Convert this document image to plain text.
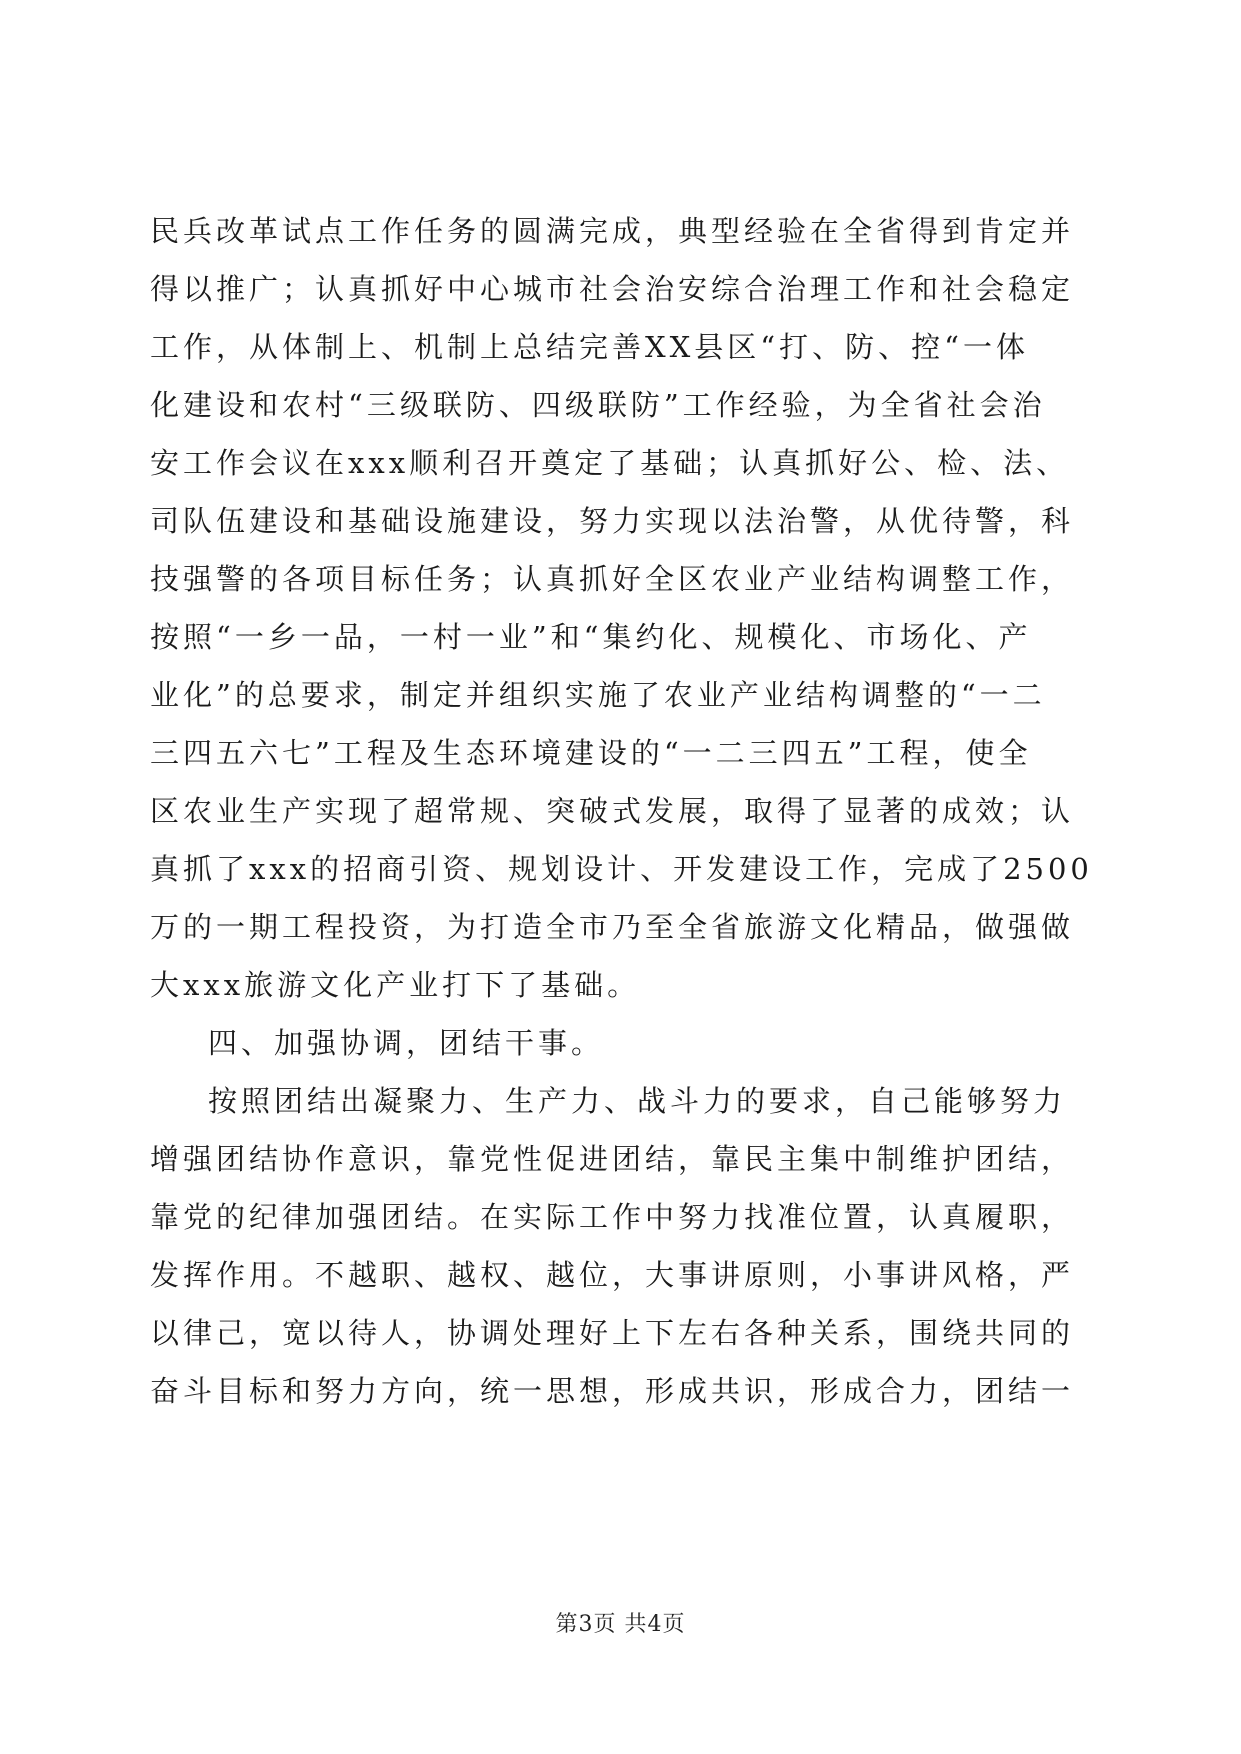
民兵改革试点工作任务的圆满完成，典型经验在全省得到肯定并
得以推广；认真抓好中心城市社会治安综合治理工作和社会稳定
工作，从体制上、机制上总结完善XX县区“打、防、控“一体
化建设和农村“三级联防、四级联防”工作经验，为全省社会治
安工作会议在xxx顺利召开奠定了基础；认真抓好公、检、法、
司队伍建设和基础设施建设，努力实现以法治警，从优待警，科
技强警的各项目标任务；认真抓好全区农业产业结构调整工作，
按照“一乡一品，一村一业”和“集约化、规模化、市场化、产
业化”的总要求，制定并组织实施了农业产业结构调整的“一二
三四五六七”工程及生态环境建设的“一二三四五”工程，使全
区农业生产实现了超常规、突破式发展，取得了显著的成效；认
真抓了xxx的招商引资、规划设计、开发建设工作，完成了2500
万的一期工程投资，为打造全市乃至全省旅游文化精品，做强做
大xxx旅游文化产业打下了基础。
四、加强协调，团结干事。
按照团结出凝聚力、生产力、战斗力的要求，自己能够努力
增强团结协作意识，靠党性促进团结，靠民主集中制维护团结，
靠党的纪律加强团结。在实际工作中努力找准位置，认真履职，
发挥作用。不越职、越权、越位，大事讲原则，小事讲风格，严
以律己，宽以待人，协调处理好上下左右各种关系，围绕共同的
奋斗目标和努力方向，统一思想，形成共识，形成合力，团结一
第3页 共4页
